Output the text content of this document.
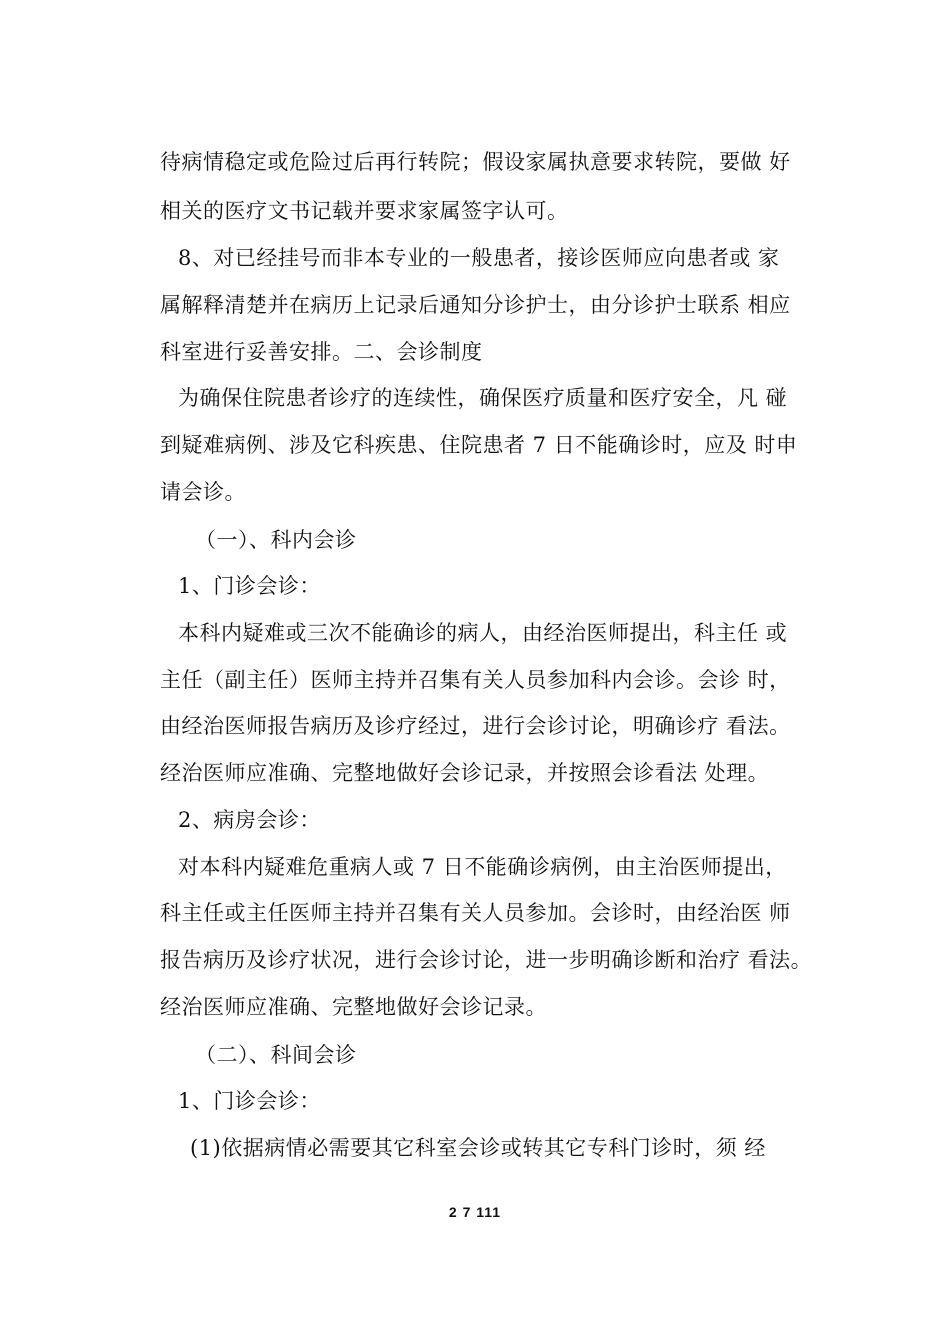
待病情稳定或危险过后再行转院；假设家属执意要求转院，要做 好
相关的医疗文书记载并要求家属签字认可。
8、对已经挂号而非本专业的一般患者，接诊医师应向患者或 家
属解释清楚并在病历上记录后通知分诊护士，由分诊护士联系 相应
科室进行妥善安排。二、会诊制度
为确保住院患者诊疗的连续性，确保医疗质量和医疗安全，凡 碰
到疑难病例、涉及它科疾患、住院患者 7 日不能确诊时，应及 时申
请会诊。
（一）、科内会诊
1、门诊会诊：
本科内疑难或三次不能确诊的病人，由经治医师提出，科主任 或
主任（副主任）医师主持并召集有关人员参加科内会诊。会诊 时，
由经治医师报告病历及诊疗经过，进行会诊讨论，明确诊疗 看法。
经治医师应准确、完整地做好会诊记录，并按照会诊看法 处理。
2、病房会诊：
对本科内疑难危重病人或 7 日不能确诊病例，由主治医师提出，
科主任或主任医师主持并召集有关人员参加。会诊时，由经治医 师
报告病历及诊疗状况，进行会诊讨论，进一步明确诊断和治疗 看法。
经治医师应准确、完整地做好会诊记录。
（二）、科间会诊
1、门诊会诊：
(1)依据病情必需要其它科室会诊或转其它专科门诊时，须 经
2 7 111
